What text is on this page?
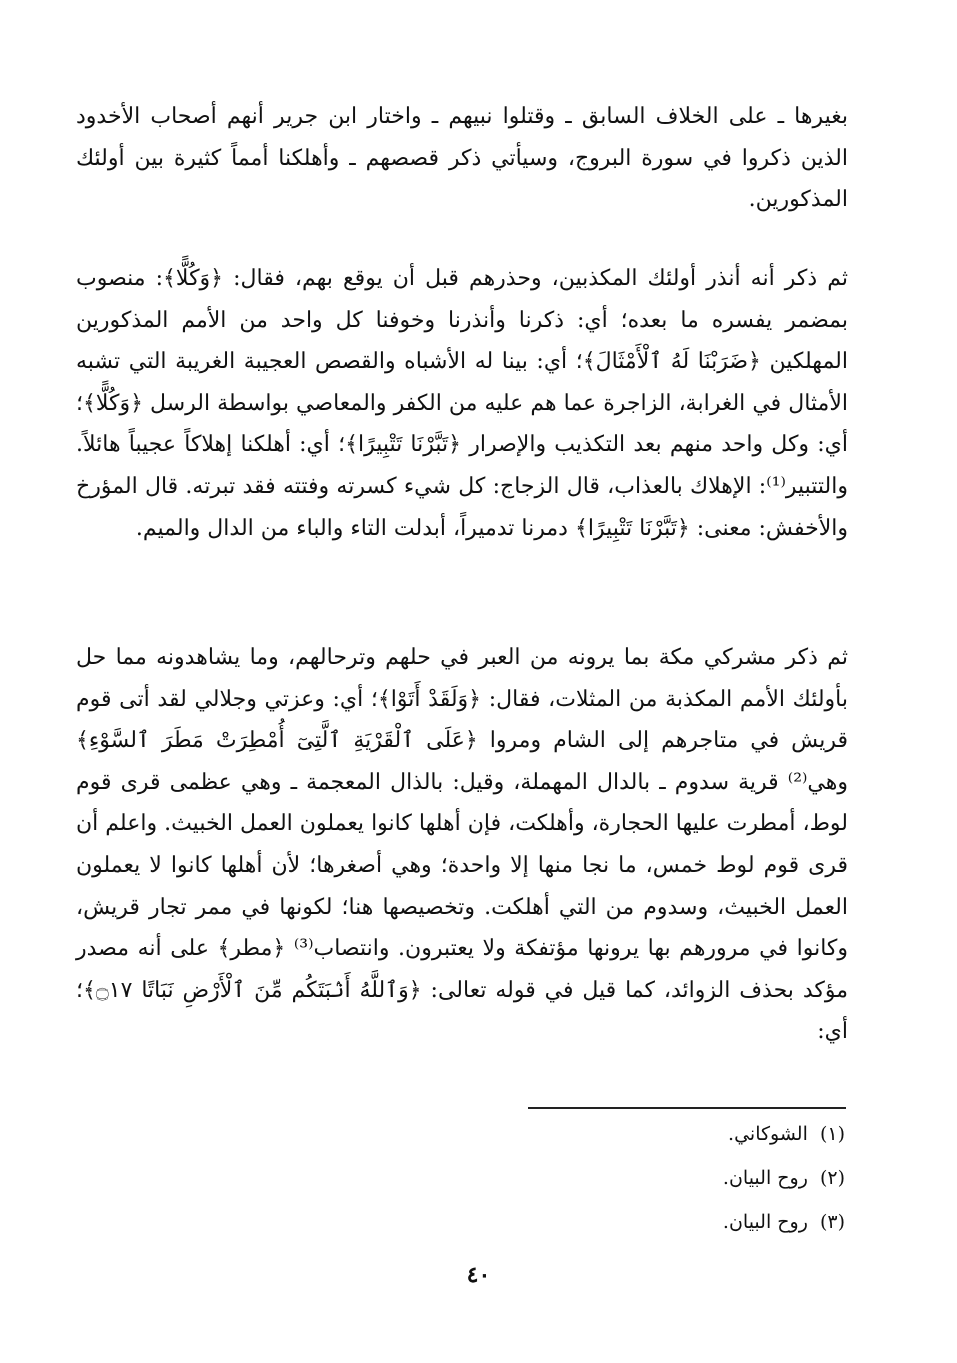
بغيرها ـ على الخلاف السابق ـ وقتلوا نبيهم ـ واختار ابن جرير أنهم أصحاب الأخدود الذين ذكروا في سورة البروج، وسيأتي ذكر قصصهم ـ وأهلكنا أمماً كثيرة بين أولئك المذكورين.

ثم ذكر أنه أنذر أولئك المكذبين، وحذرهم قبل أن يوقع بهم، فقال: ﴿وَكُلًّا﴾: منصوب بمضمر يفسره ما بعده؛ أي: ذكرنا وأنذرنا وخوفنا كل واحد من الأمم المذكورين المهلكين ﴿ضَرَبْنَا لَهُ ٱلْأَمْثَالَ﴾؛ أي: بينا له الأشباه والقصص العجيبة الغريبة التي تشبه الأمثال في الغرابة، الزاجرة عما هم عليه من الكفر والمعاصي بواسطة الرسل ﴿وَكُلًّا﴾؛ أي: وكل واحد منهم بعد التكذيب والإصرار ﴿تَبَّرْنَا تَتْبِيرًا﴾؛ أي: أهلكنا إهلاكاً عجيباً هائلاً. والتتبير⁽¹⁾: الإهلاك بالعذاب، قال الزجاج: كل شيء كسرته وفتته فقد تبرته. قال المؤرخ والأخفش: معنى: ﴿تَبَّرْنَا تَتْبِيرًا﴾ دمرنا تدميراً، أبدلت التاء والباء من الدال والميم.

ثم ذكر مشركي مكة بما يرونه من العبر في حلهم وترحالهم، وما يشاهدونه مما حل بأولئك الأمم المكذبة من المثلات، فقال: ﴿وَلَقَدْ أَتَوْا﴾؛ أي: وعزتي وجلالي لقد أتى قوم قريش في متاجرهم إلى الشام ومروا ﴿عَلَى ٱلْقَرْيَةِ ٱلَّتِىٓ أُمْطِرَتْ مَطَرَ ٱلسَّوْءِ﴾ وهي⁽²⁾ قرية سدوم ـ بالدال المهملة، وقيل: بالذال المعجمة ـ وهي عظمى قرى قوم لوط، أمطرت عليها الحجارة، وأهلكت، فإن أهلها كانوا يعملون العمل الخبيث. واعلم أن قرى قوم لوط خمس، ما نجا منها إلا واحدة؛ وهي أصغرها؛ لأن أهلها كانوا لا يعملون العمل الخبيث، وسدوم من التي أهلكت. وتخصيصها هنا؛ لكونها في ممر تجار قريش، وكانوا في مرورهم بها يرونها مؤتفكة ولا يعتبرون. وانتصاب⁽³⁾ ﴿مطر﴾ على أنه مصدر مؤكد بحذف الزوائد، كما قيل في قوله تعالى: ﴿وَٱللَّهُ أَنۢبَتَكُم مِّنَ ٱلْأَرْضِ نَبَاتًا ۝١٧﴾؛ أي:

(١) الشوكاني.
(٢) روح البيان.
(٣) روح البيان.
٤٠
